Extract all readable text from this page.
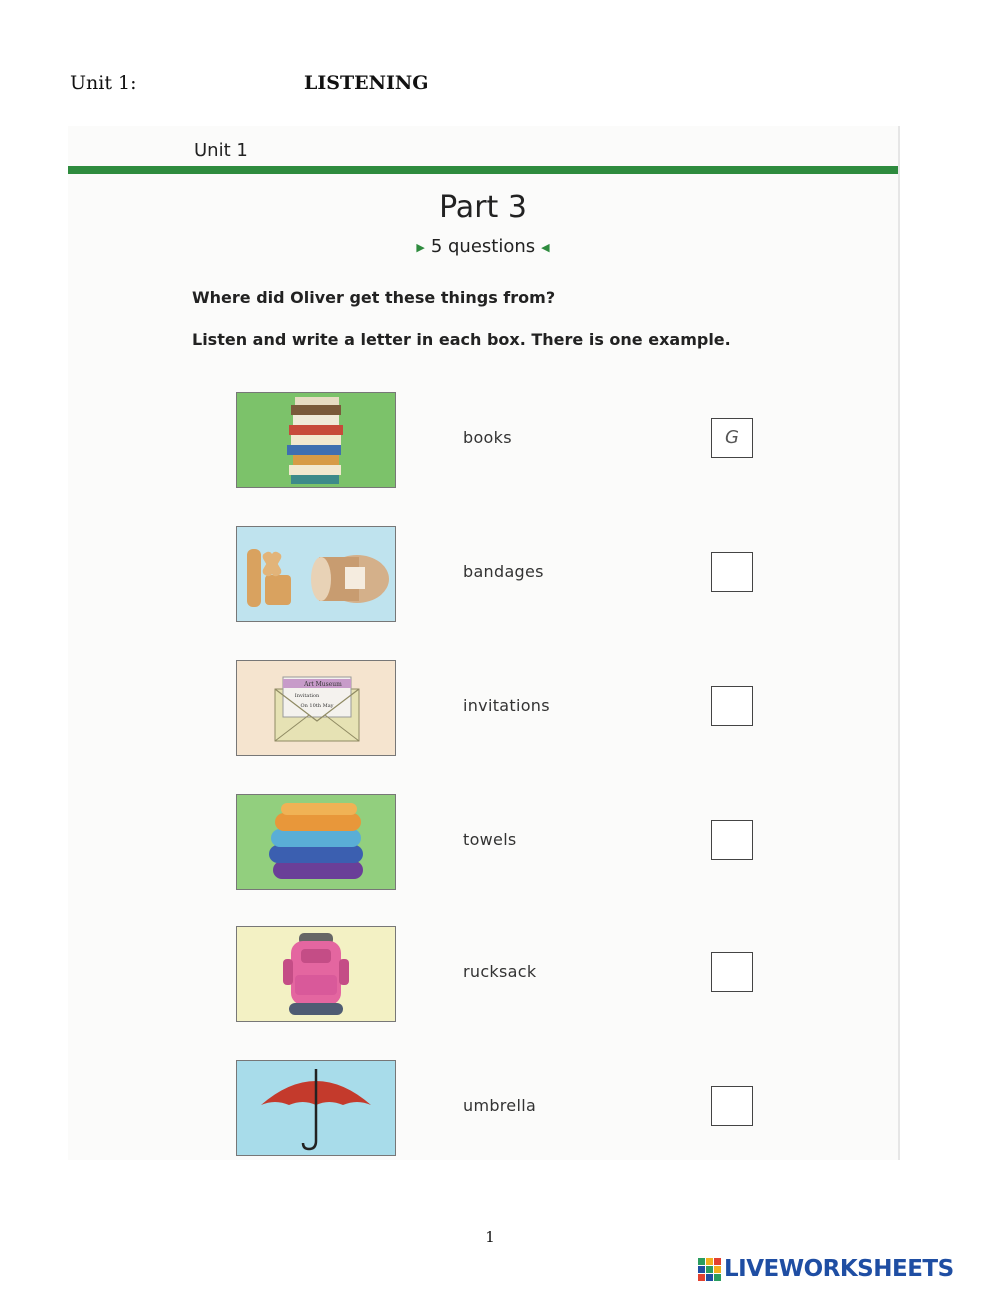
Unit 1:	LISTENING
Unit 1
Part 3
▶ 5 questions ◀
Where did Oliver get these things from?
Listen and write a letter in each box. There is one example.
books	G
bandages
Art Museum
Invitation
On 10th May	invitations
towels
rucksack
umbrella
1
LIVEWORKSHEETS
